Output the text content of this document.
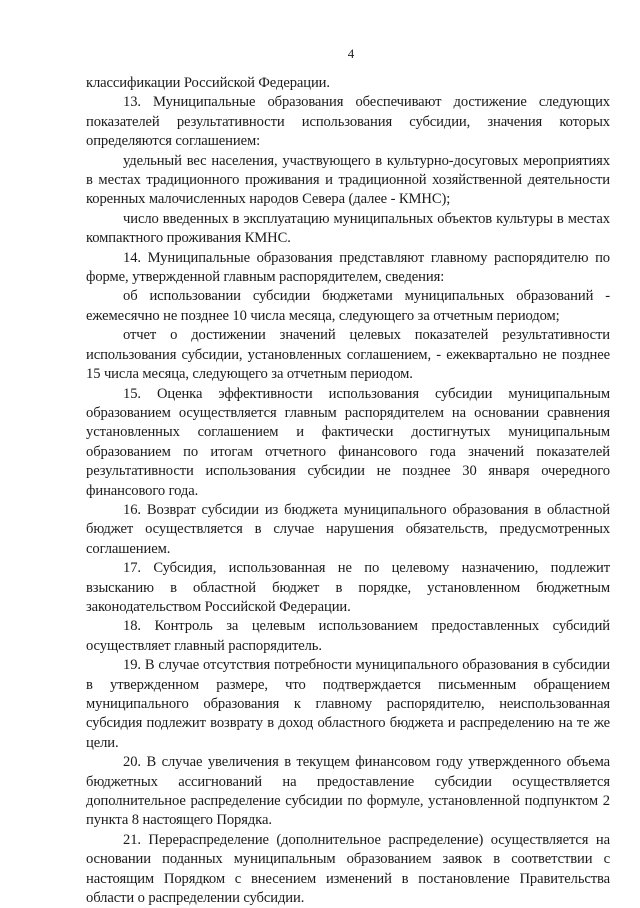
4

классификации Российской Федерации.

13. Муниципальные образования обеспечивают достижение следующих показателей результативности использования субсидии, значения которых определяются соглашением:

удельный вес населения, участвующего в культурно-досуговых мероприятиях в местах традиционного проживания и традиционной хозяйственной деятельности коренных малочисленных народов Севера (далее - КМНС);

число введенных в эксплуатацию муниципальных объектов культуры в местах компактного проживания КМНС.

14. Муниципальные образования представляют главному распорядителю по форме, утвержденной главным распорядителем, сведения:

об использовании субсидии бюджетами муниципальных образований - ежемесячно не позднее 10 числа месяца, следующего за отчетным периодом;

отчет о достижении значений целевых показателей результативности использования субсидии, установленных соглашением, - ежеквартально не позднее 15 числа месяца, следующего за отчетным периодом.

15. Оценка эффективности использования субсидии муниципальным образованием осуществляется главным распорядителем на основании сравнения установленных соглашением и фактически достигнутых муниципальным образованием по итогам отчетного финансового года значений показателей результативности использования субсидии не позднее 30 января очередного финансового года.

16. Возврат субсидии из бюджета муниципального образования в областной бюджет осуществляется в случае нарушения обязательств, предусмотренных соглашением.

17. Субсидия, использованная не по целевому назначению, подлежит взысканию в областной бюджет в порядке, установленном бюджетным законодательством Российской Федерации.

18. Контроль за целевым использованием предоставленных субсидий осуществляет главный распорядитель.

19. В случае отсутствия потребности муниципального образования в субсидии в утвержденном размере, что подтверждается письменным обращением муниципального образования к главному распорядителю, неиспользованная субсидия подлежит возврату в доход областного бюджета и распределению на те же цели.

20. В случае увеличения в текущем финансовом году утвержденного объема бюджетных ассигнований на предоставление субсидии осуществляется дополнительное распределение субсидии по формуле, установленной подпунктом 2 пункта 8 настоящего Порядка.

21. Перераспределение (дополнительное распределение) осуществляется на основании поданных муниципальным образованием заявок в соответствии с настоящим Порядком с внесением изменений в постановление Правительства области о распределении субсидии.
